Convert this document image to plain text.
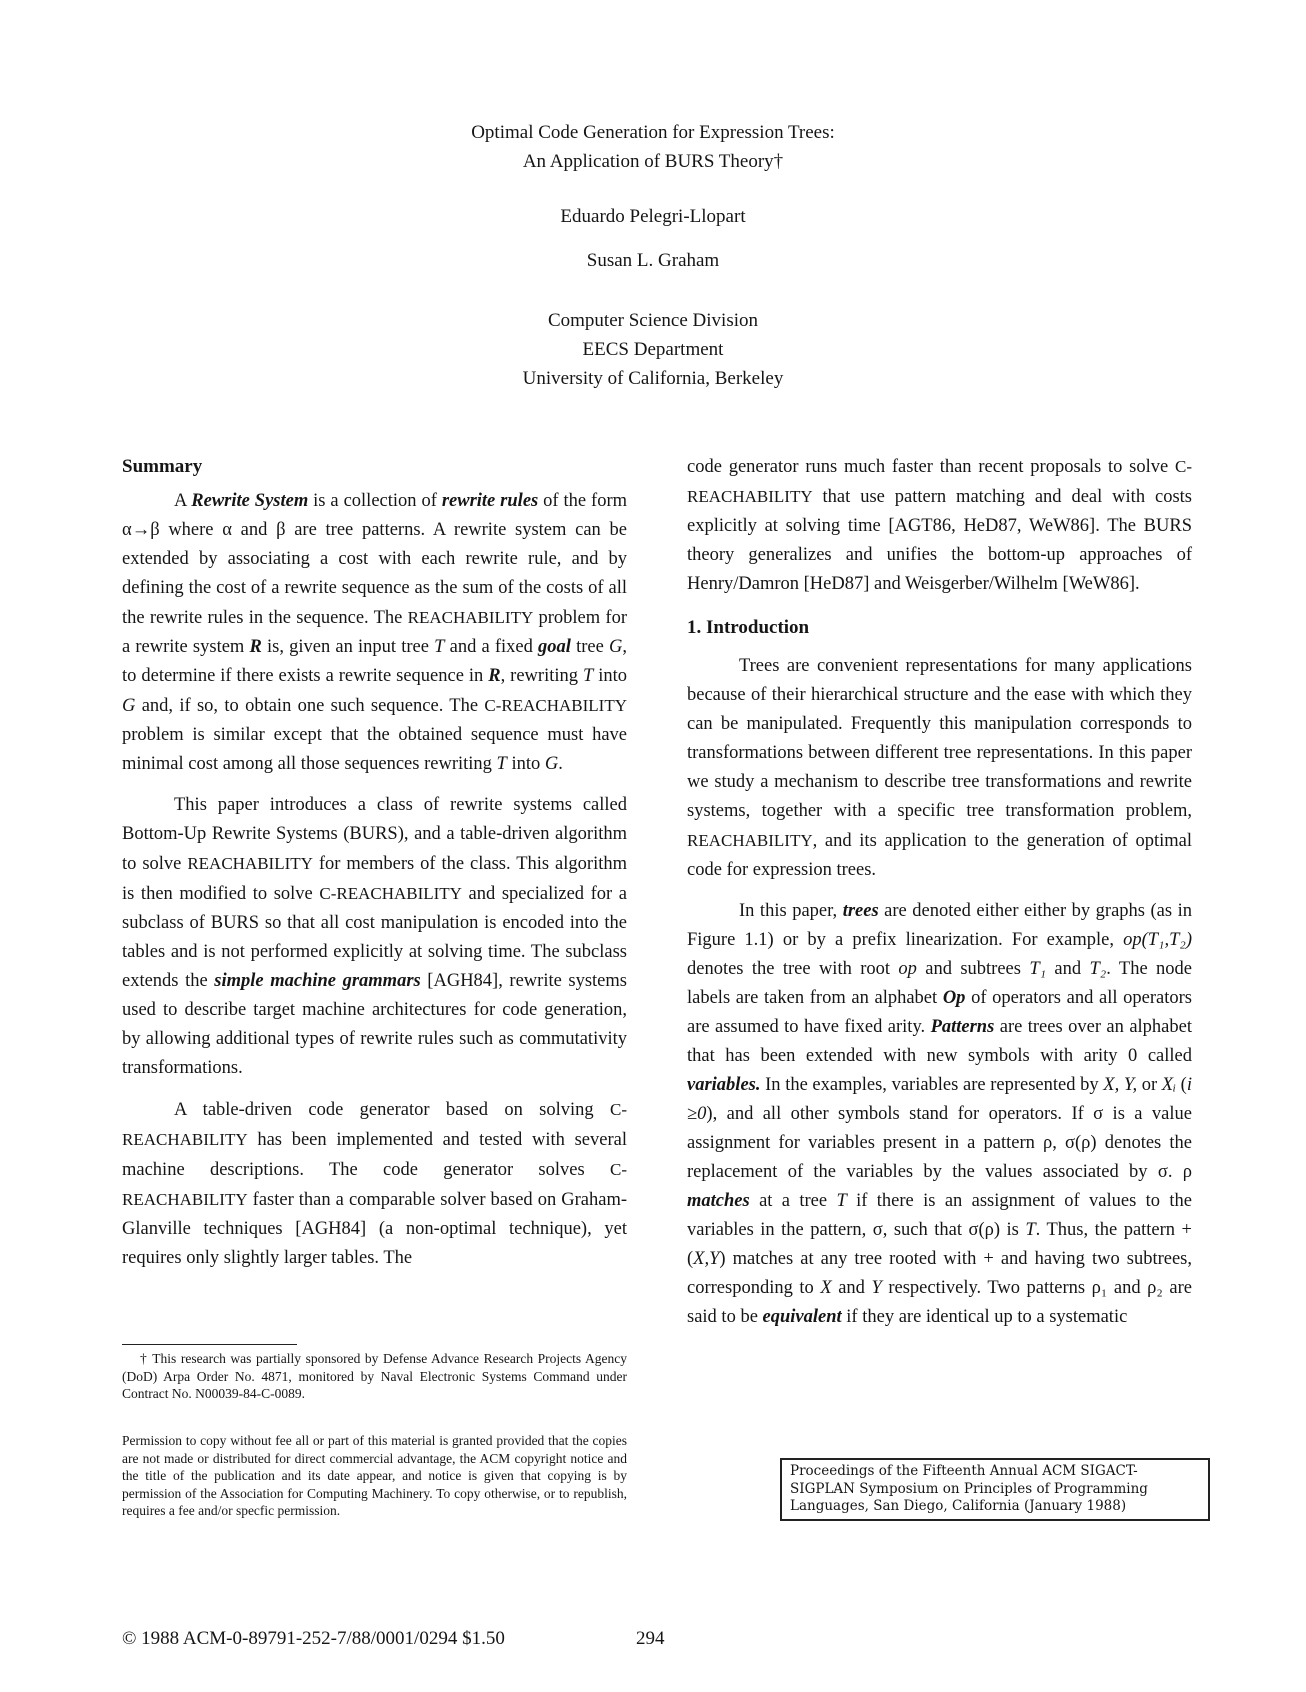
Optimal Code Generation for Expression Trees:
An Application of BURS Theory†
Eduardo Pelegri-Llopart
Susan L. Graham
Computer Science Division
EECS Department
University of California, Berkeley
Summary

A Rewrite System is a collection of rewrite rules of the form α→β where α and β are tree patterns. A rewrite system can be extended by associating a cost with each rewrite rule, and by defining the cost of a rewrite sequence as the sum of the costs of all the rewrite rules in the sequence. The REACHABILITY problem for a rewrite system R is, given an input tree T and a fixed goal tree G, to determine if there exists a rewrite sequence in R, rewriting T into G and, if so, to obtain one such sequence. The C-REACHABILITY problem is similar except that the obtained sequence must have minimal cost among all those sequences rewriting T into G.

This paper introduces a class of rewrite systems called Bottom-Up Rewrite Systems (BURS), and a table-driven algorithm to solve REACHABILITY for members of the class. This algorithm is then modified to solve C-REACHABILITY and specialized for a subclass of BURS so that all cost manipulation is encoded into the tables and is not performed explicitly at solving time. The subclass extends the simple machine grammars [AGH84], rewrite systems used to describe target machine architectures for code generation, by allowing additional types of rewrite rules such as commutativity transformations.

A table-driven code generator based on solving C-REACHABILITY has been implemented and tested with several machine descriptions. The code generator solves C-REACHABILITY faster than a comparable solver based on Graham-Glanville techniques [AGH84] (a non-optimal technique), yet requires only slightly larger tables. The

code generator runs much faster than recent proposals to solve C-REACHABILITY that use pattern matching and deal with costs explicitly at solving time [AGT86, HeD87, WeW86]. The BURS theory generalizes and unifies the bottom-up approaches of Henry/Damron [HeD87] and Weisgerber/Wilhelm [WeW86].

1. Introduction

Trees are convenient representations for many applications because of their hierarchical structure and the ease with which they can be manipulated. Frequently this manipulation corresponds to transformations between different tree representations. In this paper we study a mechanism to describe tree transformations and rewrite systems, together with a specific tree transformation problem, REACHABILITY, and its application to the generation of optimal code for expression trees.

In this paper, trees are denoted either either by graphs (as in Figure 1.1) or by a prefix linearization. For example, op(T₁,T₂) denotes the tree with root op and subtrees T₁ and T₂. The node labels are taken from an alphabet Op of operators and all operators are assumed to have fixed arity. Patterns are trees over an alphabet that has been extended with new symbols with arity 0 called variables. In the examples, variables are represented by X, Y, or Xᵢ (i ≥0), and all other symbols stand for operators. If σ is a value assignment for variables present in a pattern ρ, σ(ρ) denotes the replacement of the variables by the values associated by σ. ρ matches at a tree T if there is an assignment of values to the variables in the pattern, σ, such that σ(ρ) is T. Thus, the pattern +(X,Y) matches at any tree rooted with + and having two subtrees, corresponding to X and Y respectively. Two patterns ρ₁ and ρ₂ are said to be equivalent if they are identical up to a systematic

† This research was partially sponsored by Defense Advance Research Projects Agency (DoD) Arpa Order No. 4871, monitored by Naval Electronic Systems Command under Contract No. N00039-84-C-0089.

Permission to copy without fee all or part of this material is granted provided that the copies are not made or distributed for direct commercial advantage, the ACM copyright notice and the title of the publication and its date appear, and notice is given that copying is by permission of the Association for Computing Machinery. To copy otherwise, or to republish, requires a fee and/or specfic permission.
Proceedings of the Fifteenth Annual ACM SIGACT-SIGPLAN Symposium on Principles of Programming Languages, San Diego, California (January 1988)
© 1988 ACM-0-89791-252-7/88/0001/0294 $1.50	294
